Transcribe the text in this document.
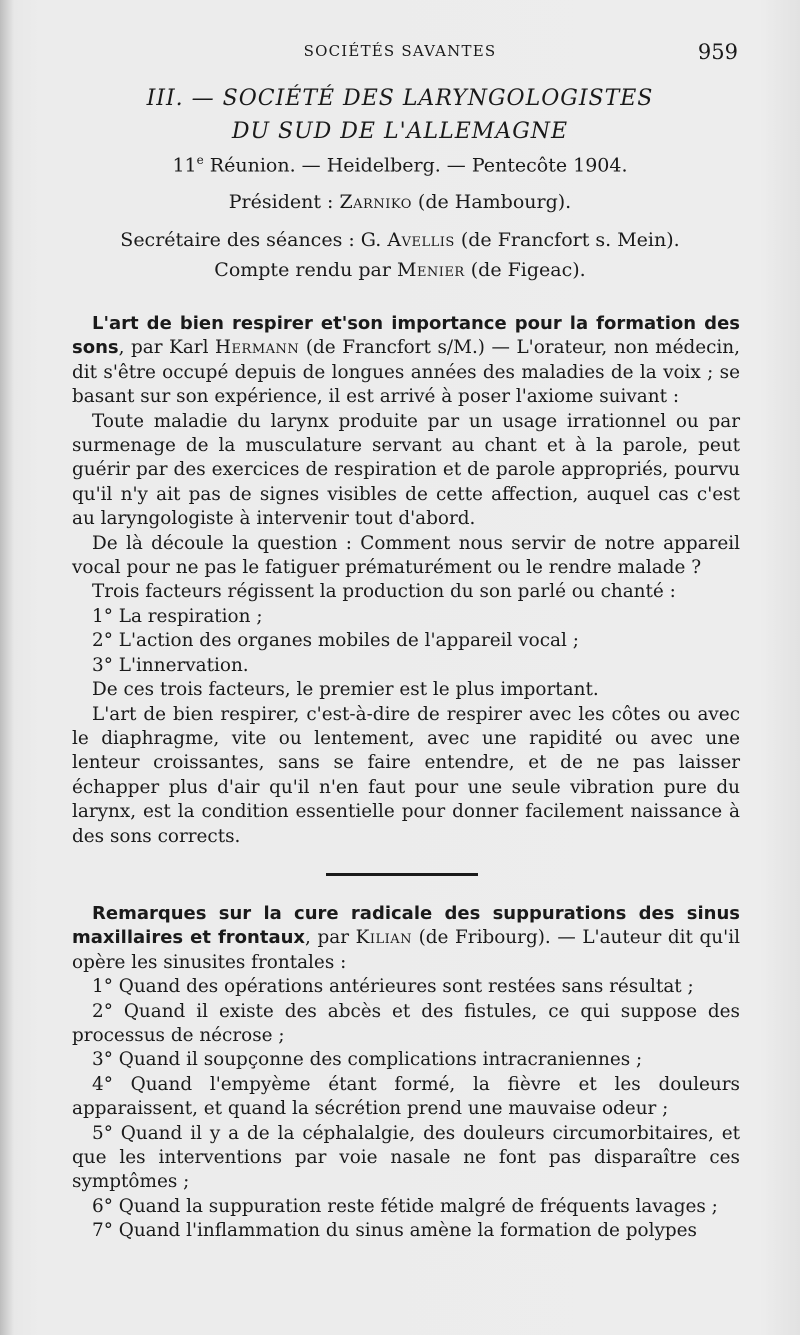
SOCIÉTÉS SAVANTES	959
III. — SOCIÉTÉ DES LARYNGOLOGISTES
DU SUD DE L'ALLEMAGNE
11e Réunion. — Heidelberg. — Pentecôte 1904.
Président : Zarniko (de Hambourg).
Secrétaire des séances : G. Avellis (de Francfort s. Mein).
Compte rendu par Menier (de Figeac).

L'art de bien respirer et'son importance pour la formation des sons, par Karl Hermann (de Francfort s/M.) — L'orateur, non médecin, dit s'être occupé depuis de longues années des maladies de la voix ; se basant sur son expérience, il est arrivé à poser l'axiome suivant :

Toute maladie du larynx produite par un usage irrationnel ou par surmenage de la musculature servant au chant et à la parole, peut guérir par des exercices de respiration et de parole appropriés, pourvu qu'il n'y ait pas de signes visibles de cette affection, auquel cas c'est au laryngologiste à intervenir tout d'abord.

De là découle la question : Comment nous servir de notre appareil vocal pour ne pas le fatiguer prématurément ou le rendre malade ?

Trois facteurs régissent la production du son parlé ou chanté :

1° La respiration ;

2° L'action des organes mobiles de l'appareil vocal ;

3° L'innervation.

De ces trois facteurs, le premier est le plus important.

L'art de bien respirer, c'est-à-dire de respirer avec les côtes ou avec le diaphragme, vite ou lentement, avec une rapidité ou avec une lenteur croissantes, sans se faire entendre, et de ne pas laisser échapper plus d'air qu'il n'en faut pour une seule vibration pure du larynx, est la condition essentielle pour donner facilement naissance à des sons corrects.

Remarques sur la cure radicale des suppurations des sinus maxillaires et frontaux, par Kilian (de Fribourg). — L'auteur dit qu'il opère les sinusites frontales :

1° Quand des opérations antérieures sont restées sans résultat ;

2° Quand il existe des abcès et des fistules, ce qui suppose des processus de nécrose ;

3° Quand il soupçonne des complications intracraniennes ;

4° Quand l'empyème étant formé, la fièvre et les douleurs apparaissent, et quand la sécrétion prend une mauvaise odeur ;

5° Quand il y a de la céphalalgie, des douleurs circumorbitaires, et que les interventions par voie nasale ne font pas disparaître ces symptômes ;

6° Quand la suppuration reste fétide malgré de fréquents lavages ;

7° Quand l'inflammation du sinus amène la formation de polypes
